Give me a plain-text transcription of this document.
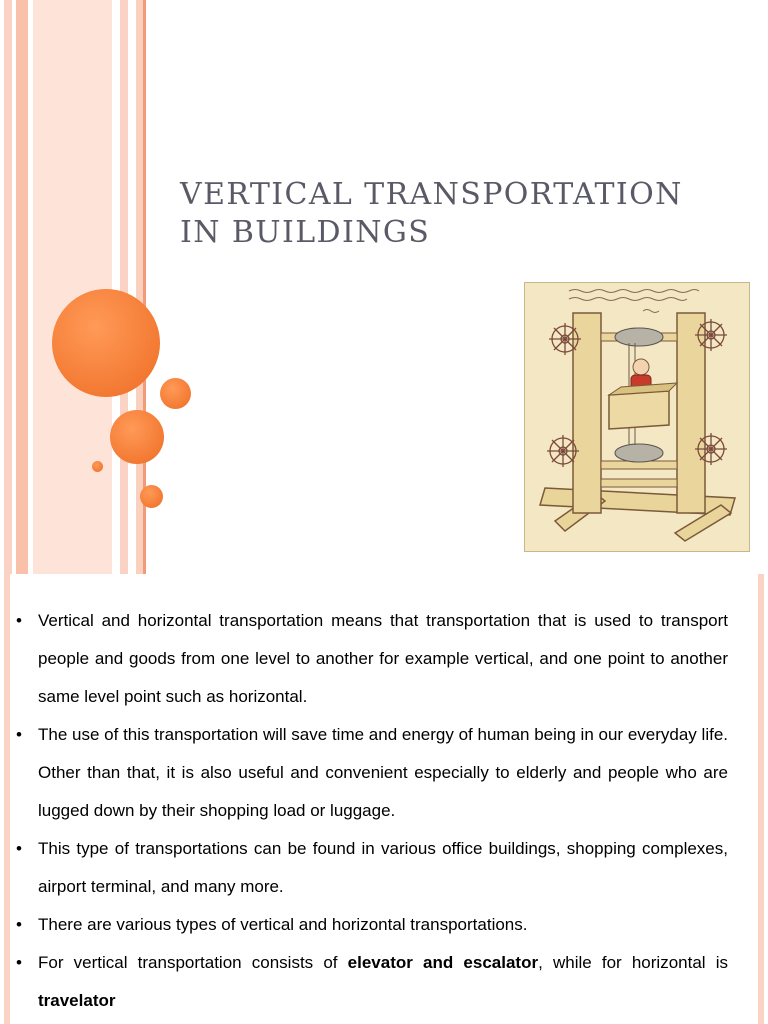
VERTICAL TRANSPORTATION
IN BUILDINGS
• Vertical and horizontal transportation means that transportation that is used to transport people and goods from one level to another for example vertical, and one point to another same level point such as horizontal.
• The use of this transportation will save time and energy of human being in our everyday life. Other than that, it is also useful and convenient especially to elderly and people who are lugged down by their shopping load or luggage.
• This type of transportations can be found in various office buildings, shopping complexes, airport terminal, and many more.
• There are various types of vertical and horizontal transportations.
• For vertical transportation consists of elevator and escalator, while for horizontal is travelator
